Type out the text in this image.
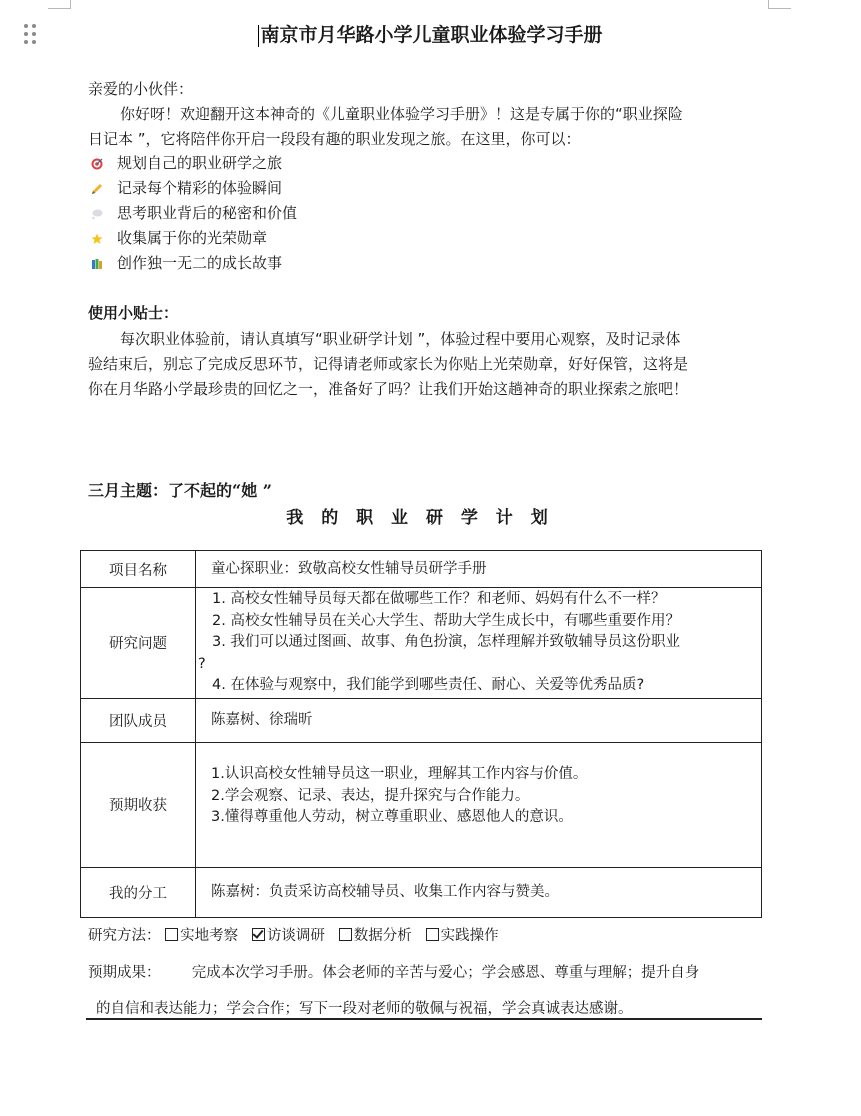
南京市月华路小学儿童职业体验学习手册
亲爱的小伙伴：
你好呀！欢迎翻开这本神奇的《儿童职业体验学习手册》！这是专属于你的“职业探险
日记本 ”，它将陪伴你开启一段段有趣的职业发现之旅。在这里，你可以：
规划自己的职业研学之旅
记录每个精彩的体验瞬间
思考职业背后的秘密和价值
收集属于你的光荣勋章
创作独一无二的成长故事
使用小贴士：
每次职业体验前，请认真填写“职业研学计划 ”，体验过程中要用心观察，及时记录体
验结束后，别忘了完成反思环节，记得请老师或家长为你贴上光荣勋章，好好保管，这将是
你在月华路小学最珍贵的回忆之一，准备好了吗？让我们开始这趟神奇的职业探索之旅吧！
三月主题：了不起的“她 ”
我 的 职 业 研 学 计 划
项目名称	童心探职业：致敬高校女性辅导员研学手册
研究问题	1. 高校女性辅导员每天都在做哪些工作？和老师、妈妈有什么不一样？
2. 高校女性辅导员在关心大学生、帮助大学生成长中，有哪些重要作用？
3. 我们可以通过图画、故事、角色扮演，怎样理解并致敬辅导员这份职业
?
4. 在体验与观察中，我们能学到哪些责任、耐心、关爱等优秀品质?

团队成员	陈嘉树、徐瑞昕
预期收获	1.认识高校女性辅导员这一职业，理解其工作内容与价值。
2.学会观察、记录、表达，提升探究与合作能力。
3.懂得尊重他人劳动，树立尊重职业、感恩他人的意识。

我的分工	陈嘉树：负责采访高校辅导员、收集工作内容与赞美。
研究方法： 实地考察 访谈调研 数据分析 实践操作
预期成果： 完成本次学习手册。体会老师的辛苦与爱心；学会感恩、尊重与理解；提升自身
的自信和表达能力；学会合作；写下一段对老师的敬佩与祝福，学会真诚表达感谢。
